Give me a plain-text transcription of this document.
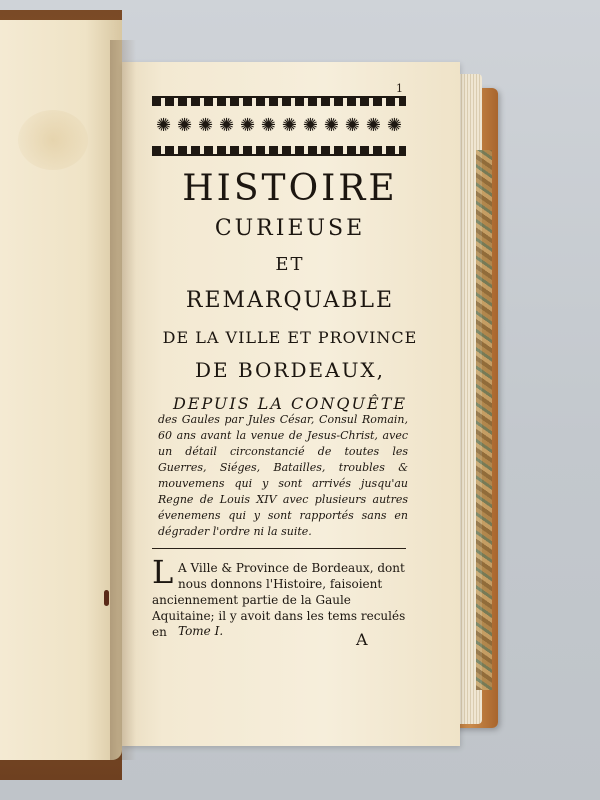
1
✺ ✺ ✺ ✺ ✺ ✺ ✺ ✺ ✺ ✺ ✺ ✺
HISTOIRE
CURIEUSE
ET
REMARQUABLE
DE LA VILLE ET PROVINCE
DE BORDEAUX,
DEPUIS LA CONQUÊTE
des Gaules par Jules César, Consul Romain, 60 ans avant la venue de Jesus-Christ, avec un détail circonstancié de toutes les Guerres, Siéges, Batailles, troubles & mouvemens qui y sont arrivés jusqu'au Regne de Louis XIV avec plusieurs autres évenemens qui y sont rapportés sans en dégrader l'ordre ni la suite.
L A Ville & Province de Bordeaux, dont nous donnons l'Histoire, faisoient
anciennement partie de la Gaule Aquitaine; il y avoit dans les tems reculés en Tome I.	A
